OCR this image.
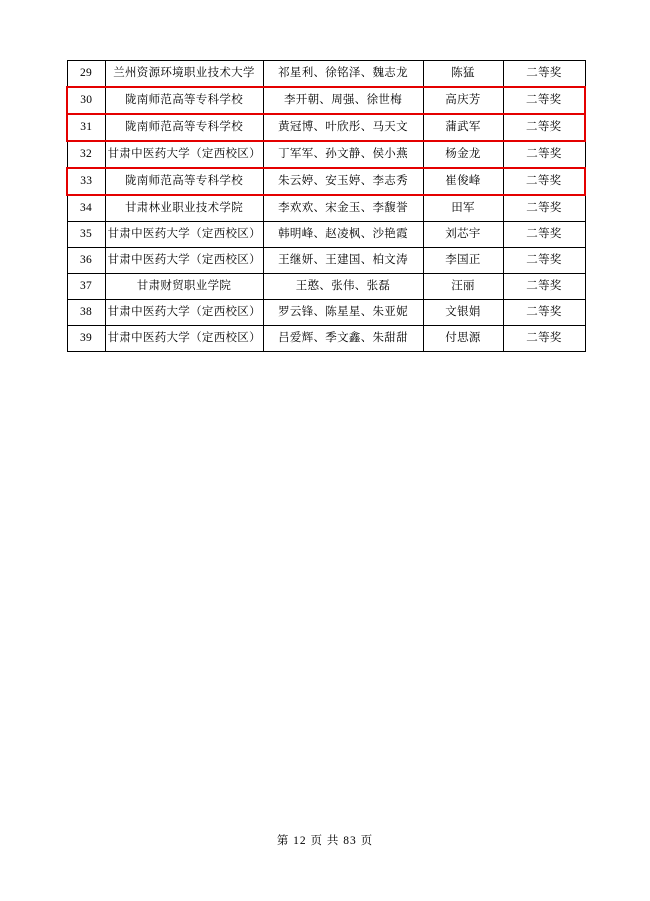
29	兰州资源环境职业技术大学	祁星利、徐铭泽、魏志龙	陈猛	二等奖
30	陇南师范高等专科学校	李开朝、周强、徐世梅	高庆芳	二等奖
31	陇南师范高等专科学校	黄冠博、叶欣彤、马天文	蒲武军	二等奖
32	甘肃中医药大学（定西校区）	丁军军、孙文静、侯小燕	杨金龙	二等奖
33	陇南师范高等专科学校	朱云婷、安玉婷、李志秀	崔俊峰	二等奖
34	甘肃林业职业技术学院	李欢欢、宋金玉、李馥誉	田军	二等奖
35	甘肃中医药大学（定西校区）	韩明峰、赵凌枫、沙艳霞	刘芯宇	二等奖
36	甘肃中医药大学（定西校区）	王继妍、王建国、柏文涛	李国正	二等奖
37	甘肃财贸职业学院	王憨、张伟、张磊	汪丽	二等奖
38	甘肃中医药大学（定西校区）	罗云锋、陈星星、朱亚妮	文银娟	二等奖
39	甘肃中医药大学（定西校区）	吕爱辉、季文鑫、朱甜甜	付思源	二等奖
第 12 页 共 83 页
